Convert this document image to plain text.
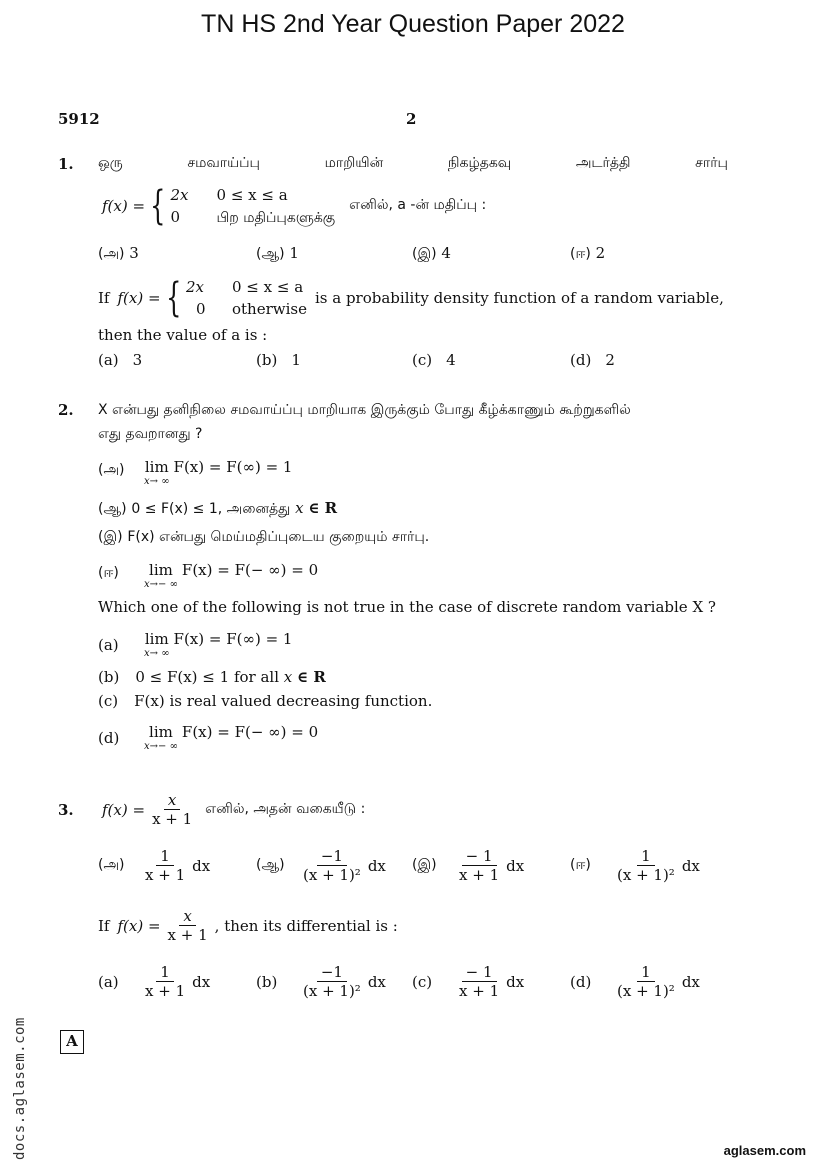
TN HS 2nd Year Question Paper 2022
5912	2
1. ஒரு	சமவாய்ப்பு	மாறியின்	நிகழ்தகவு	அடர்த்தி	சார்பு
f(x) = { 2x 0 ≤ x ≤ a
0	பிற மதிப்புகளுக்கு
எனில், a -ன் மதிப்பு :
(அ) 3	(ஆ) 1	(இ) 4	(ஈ) 2
If f(x) = { 2x 0 ≤ x ≤ a
0 otherwise
is a probability density function of a random variable,
then the value of a is :
(a) 3	(b) 1	(c) 4	(d) 2
2. X என்பது தனிநிலை சமவாய்ப்பு மாறியாக இருக்கும் போது கீழ்க்காணும் கூற்றுகளில்
எது தவறானது ?
(அ)	lim
x→ ∞
F(x) = F(∞) = 1
(ஆ) 0 ≤ F(x) ≤ 1, அனைத்து x ∈ R
(இ) F(x) என்பது மெய்மதிப்புடைய குறையும் சார்பு.
(ஈ)	lim
x→− ∞
F(x) = F(− ∞) = 0
Which one of the following is not true in the case of discrete random variable X ?
(a)	lim
x→ ∞
F(x) = F(∞) = 1
(b) 0 ≤ F(x) ≤ 1 for all x ∈ R
(c) F(x) is real valued decreasing function.
(d)	lim
x→− ∞
F(x) = F(− ∞) = 0
3. $f(x) = \frac{x}{x + 1}$ எனில், அதன் வகையீடு :
(அ)	$\frac{1}{x + 1}$ dx	(ஆ) $\frac{-1}{\text{(x + 1)²}}$ dx (இ)	$\frac{- 1}{x + 1}$ dx	(ஈ)	$\frac{1}{\text{(x + 1)²}}$ dx
If $f(x) = \frac{x}{x + 1}$ , then its differential is :
(a)	$\frac{1}{x + 1}$ dx	(b)	$\frac{-1}{\text{(x + 1)²}}$ dx (c)	$\frac{- 1}{x + 1}$ dx	(d)	$\frac{1}{\text{(x + 1)²}}$ dx
A
docs.aglasem.com	aglasem.com
